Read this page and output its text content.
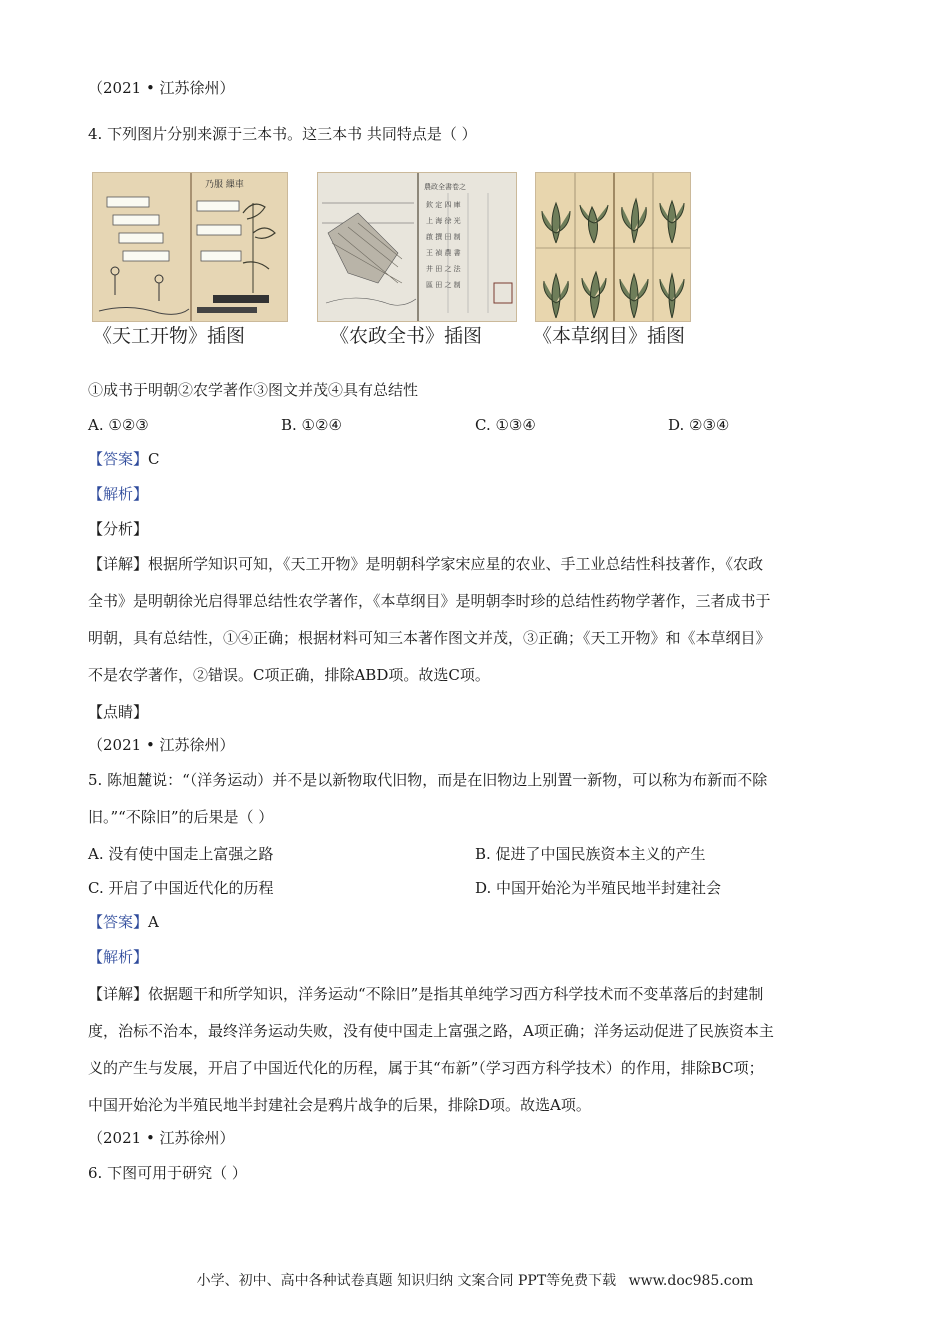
（2021 • 江苏徐州）
4. 下列图片分别来源于三本书。这三本书 共同特点是（ ）
乃服 繅車	農政全書卷之
欽 定 四 庫
上 海 徐 光
啟 撰 田 制
王 禎 農 書
井 田 之 法
區 田 之 制
《天工开物》插图	《农政全书》插图	《本草纲目》插图
①成书于明朝②农学著作③图文并茂④具有总结性
A. ①②③	B. ①②④	C. ①③④	D. ②③④
【答案】C
【解析】
【分析】
【详解】根据所学知识可知，《天工开物》是明朝科学家宋应星的农业、手工业总结性科技著作，《农政
全书》是明朝徐光启得罪总结性农学著作，《本草纲目》是明朝李时珍的总结性药物学著作，三者成书于
明朝，具有总结性，①④正确；根据材料可知三本著作图文并茂，③正确；《天工开物》和《本草纲目》
不是农学著作，②错误。C项正确，排除ABD项。故选C项。
【点睛】
（2021 • 江苏徐州）
5. 陈旭麓说：“（洋务运动）并不是以新物取代旧物，而是在旧物边上别置一新物，可以称为布新而不除
旧。”“不除旧”的后果是（ ）
A. 没有使中国走上富强之路	B. 促进了中国民族资本主义的产生
C. 开启了中国近代化的历程	D. 中国开始沦为半殖民地半封建社会
【答案】A
【解析】
【详解】依据题干和所学知识，洋务运动“不除旧”是指其单纯学习西方科学技术而不变革落后的封建制
度，治标不治本，最终洋务运动失败，没有使中国走上富强之路，A项正确；洋务运动促进了民族资本主
义的产生与发展，开启了中国近代化的历程，属于其“布新”（学习西方科学技术）的作用，排除BC项；
中国开始沦为半殖民地半封建社会是鸦片战争的后果，排除D项。故选A项。
（2021 • 江苏徐州）
6. 下图可用于研究（ ）
小学、初中、高中各种试卷真题 知识归纳 文案合同 PPT等免费下载 www.doc985.com
